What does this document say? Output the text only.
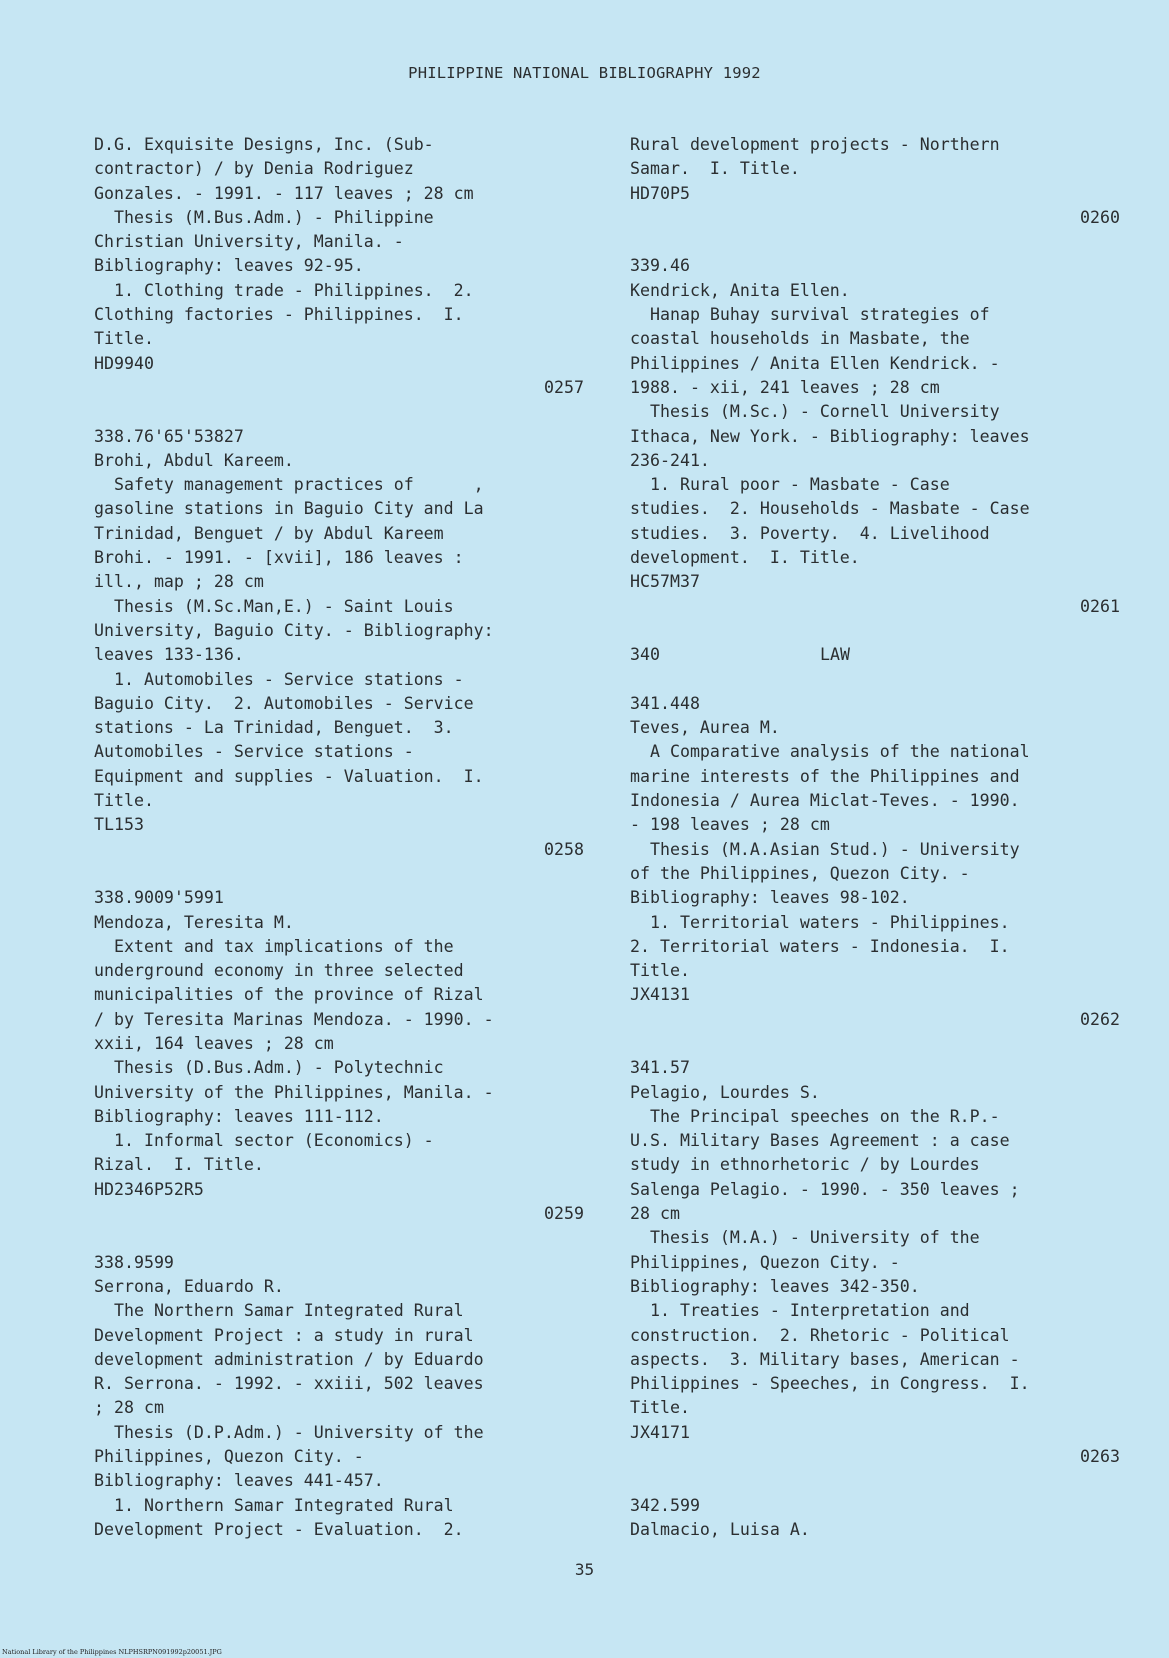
PHILIPPINE NATIONAL BIBLIOGRAPHY 1992
D.G. Exquisite Designs, Inc. (Sub-
contractor) / by Denia Rodriguez
Gonzales. - 1991. - 117 leaves ; 28 cm
Thesis (M.Bus.Adm.) - Philippine
Christian University, Manila. -
Bibliography: leaves 92-95.
1. Clothing trade - Philippines.  2.
Clothing factories - Philippines.  I.
Title.
HD9940
0257
338.76'65'53827
Brohi, Abdul Kareem.
Safety management practices of      ,
gasoline stations in Baguio City and La
Trinidad, Benguet / by Abdul Kareem
Brohi. - 1991. - [xvii], 186 leaves :
ill., map ; 28 cm
Thesis (M.Sc.Man,E.) - Saint Louis
University, Baguio City. - Bibliography:
leaves 133-136.
1. Automobiles - Service stations -
Baguio City.  2. Automobiles - Service
stations - La Trinidad, Benguet.  3.
Automobiles - Service stations -
Equipment and supplies - Valuation.  I.
Title.
TL153
0258
338.9009'5991
Mendoza, Teresita M.
Extent and tax implications of the
underground economy in three selected
municipalities of the province of Rizal
/ by Teresita Marinas Mendoza. - 1990. -
xxii, 164 leaves ; 28 cm
Thesis (D.Bus.Adm.) - Polytechnic
University of the Philippines, Manila. -
Bibliography: leaves 111-112.
1. Informal sector (Economics) -
Rizal.  I. Title.
HD2346P52R5
0259
338.9599
Serrona, Eduardo R.
The Northern Samar Integrated Rural
Development Project : a study in rural
development administration / by Eduardo
R. Serrona. - 1992. - xxiii, 502 leaves
; 28 cm
Thesis (D.P.Adm.) - University of the
Philippines, Quezon City. -
Bibliography: leaves 441-457.
1. Northern Samar Integrated Rural
Development Project - Evaluation.  2.
Rural development projects - Northern
Samar.  I. Title.
HD70P5
0260
339.46
Kendrick, Anita Ellen.
Hanap Buhay survival strategies of
coastal households in Masbate, the
Philippines / Anita Ellen Kendrick. -
1988. - xii, 241 leaves ; 28 cm
Thesis (M.Sc.) - Cornell University
Ithaca, New York. - Bibliography: leaves
236-241.
1. Rural poor - Masbate - Case
studies.  2. Households - Masbate - Case
studies.  3. Poverty.  4. Livelihood
development.  I. Title.
HC57M37
0261
340	LAW
341.448
Teves, Aurea M.
A Comparative analysis of the national
marine interests of the Philippines and
Indonesia / Aurea Miclat-Teves. - 1990.
- 198 leaves ; 28 cm
Thesis (M.A.Asian Stud.) - University
of the Philippines, Quezon City. -
Bibliography: leaves 98-102.
1. Territorial waters - Philippines.
2. Territorial waters - Indonesia.  I.
Title.
JX4131
0262
341.57
Pelagio, Lourdes S.
The Principal speeches on the R.P.-
U.S. Military Bases Agreement : a case
study in ethnorhetoric / by Lourdes
Salenga Pelagio. - 1990. - 350 leaves ;
28 cm
Thesis (M.A.) - University of the
Philippines, Quezon City. -
Bibliography: leaves 342-350.
1. Treaties - Interpretation and
construction.  2. Rhetoric - Political
aspects.  3. Military bases, American -
Philippines - Speeches, in Congress.  I.
Title.
JX4171
0263
342.599
Dalmacio, Luisa A.
35
National Library of the Philippines NLPHSRPN091992p20051.JPG
